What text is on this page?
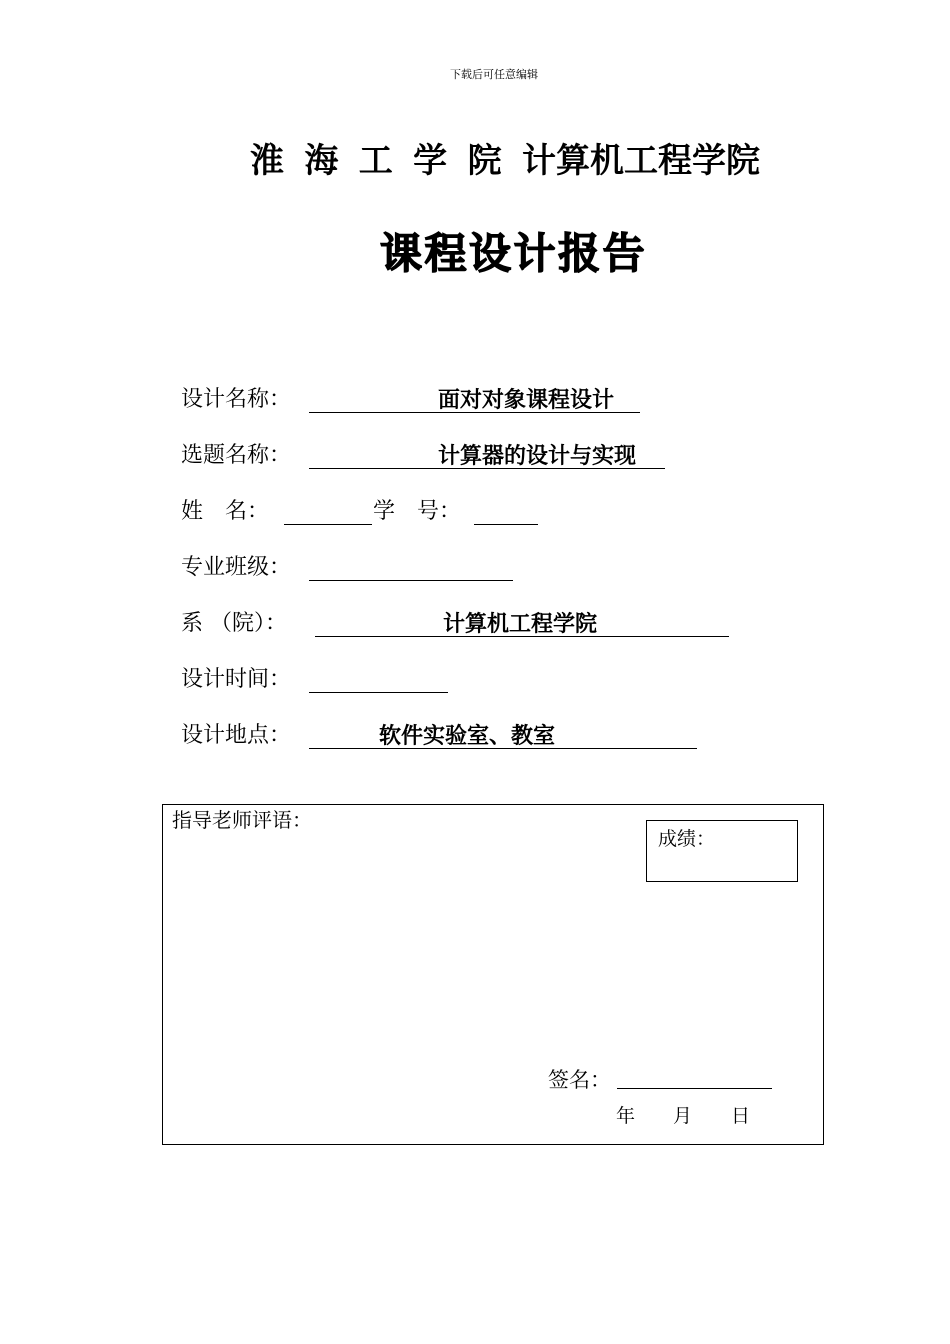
下载后可任意编辑
淮 海 工 学 院 计算机工程学院
课程设计报告
设计名称：	面对对象课程设计
选题名称：	计算器的设计与实现
姓　名：	学　号：
专业班级：
系 （院）：	计算机工程学院
设计时间：
设计地点：	软件实验室、教室
指导老师评语：
成绩：
签名：
年 月 日
